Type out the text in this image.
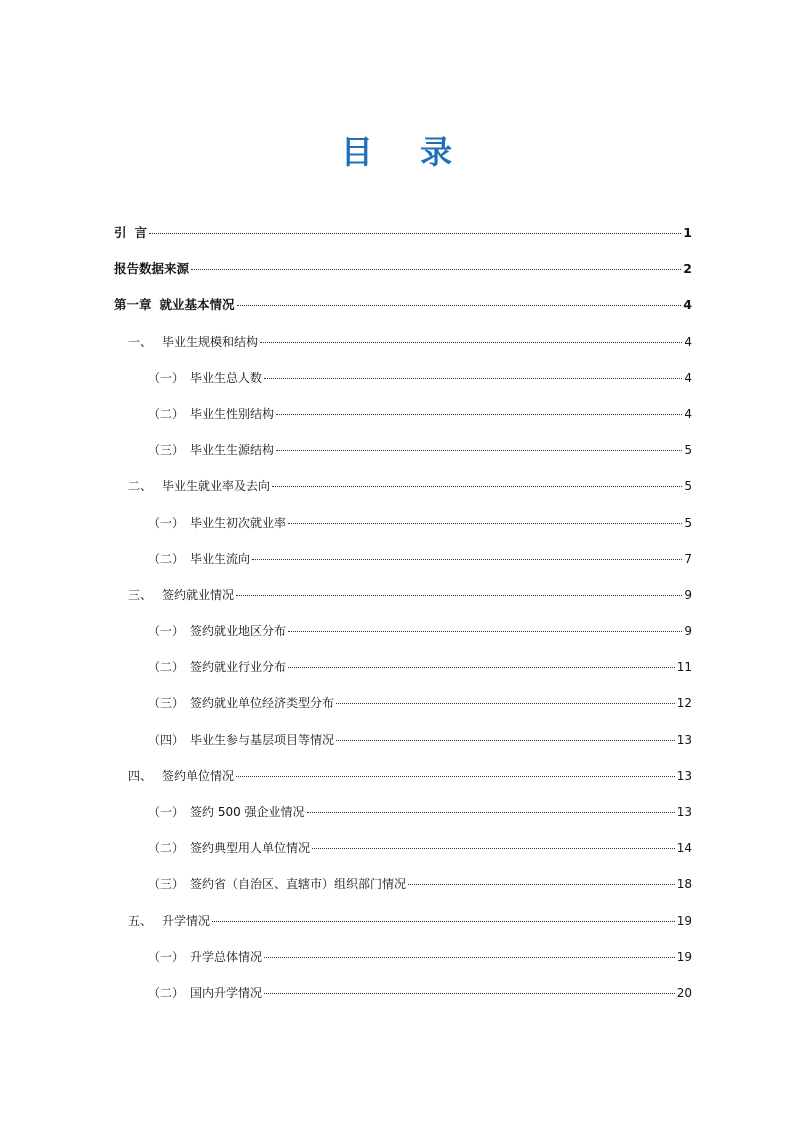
目 录
引 言	1
报告数据来源	2
第一章 就业基本情况	4
一、 毕业生规模和结构	4
（一） 毕业生总人数	4
（二） 毕业生性别结构	4
（三） 毕业生生源结构	5
二、 毕业生就业率及去向	5
（一） 毕业生初次就业率	5
（二） 毕业生流向	7
三、 签约就业情况	9
（一） 签约就业地区分布	9
（二） 签约就业行业分布	11
（三） 签约就业单位经济类型分布	12
（四） 毕业生参与基层项目等情况	13
四、 签约单位情况	13
（一） 签约 500 强企业情况	13
（二） 签约典型用人单位情况	14
（三） 签约省（自治区、直辖市）组织部门情况	18
五、 升学情况	19
（一） 升学总体情况	19
（二） 国内升学情况	20
